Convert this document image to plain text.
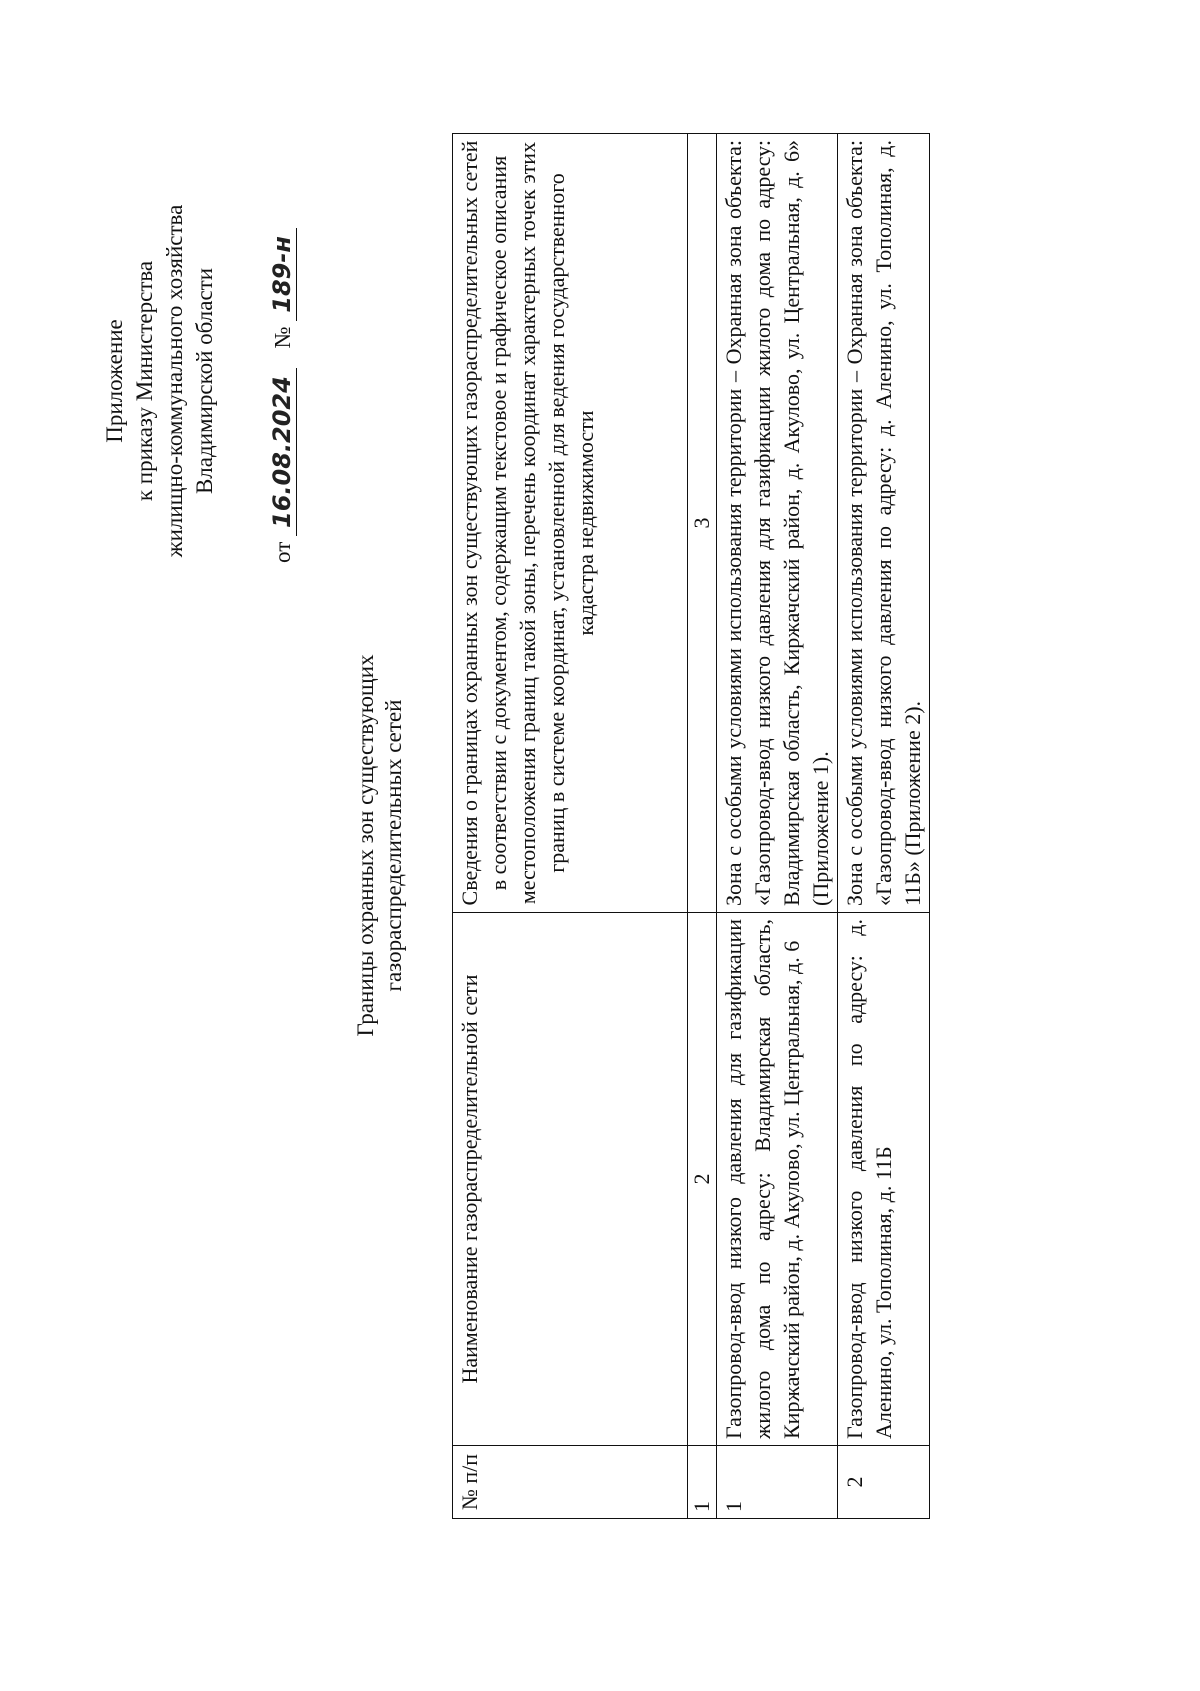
Приложение к приказу Министерства жилищно-коммунального хозяйства Владимирской области
от 16.08.2024 № 189-н
Границы охранных зон существующих газораспределительных сетей
№ п/п	Наименование газораспределительной сети	Сведения о границах охранных зон существующих газораспределительных сетей в соответствии с документом, содержащим текстовое и графическое описания местоположения границ такой зоны, перечень координат характерных точек этих границ в системе координат, установленной для ведения государственного кадастра недвижимости
1	2	3
1	Газопровод-ввод низкого давления для газификации жилого дома по адресу: Владимирская область, Киржачский район, д. Акулово, ул. Центральная, д. 6	Зона с особыми условиями использования территории – Охранная зона объекта: «Газопровод-ввод низкого давления для газификации жилого дома по адресу: Владимирская область, Киржачский район, д. Акулово, ул. Центральная, д. 6» (Приложение 1).
2	Газопровод-ввод низкого давления по адресу: д. Аленино, ул. Тополиная, д. 11Б	Зона с особыми условиями использования территории – Охранная зона объекта: «Газопровод-ввод низкого давления по адресу: д. Аленино, ул. Тополиная, д. 11Б» (Приложение 2).
